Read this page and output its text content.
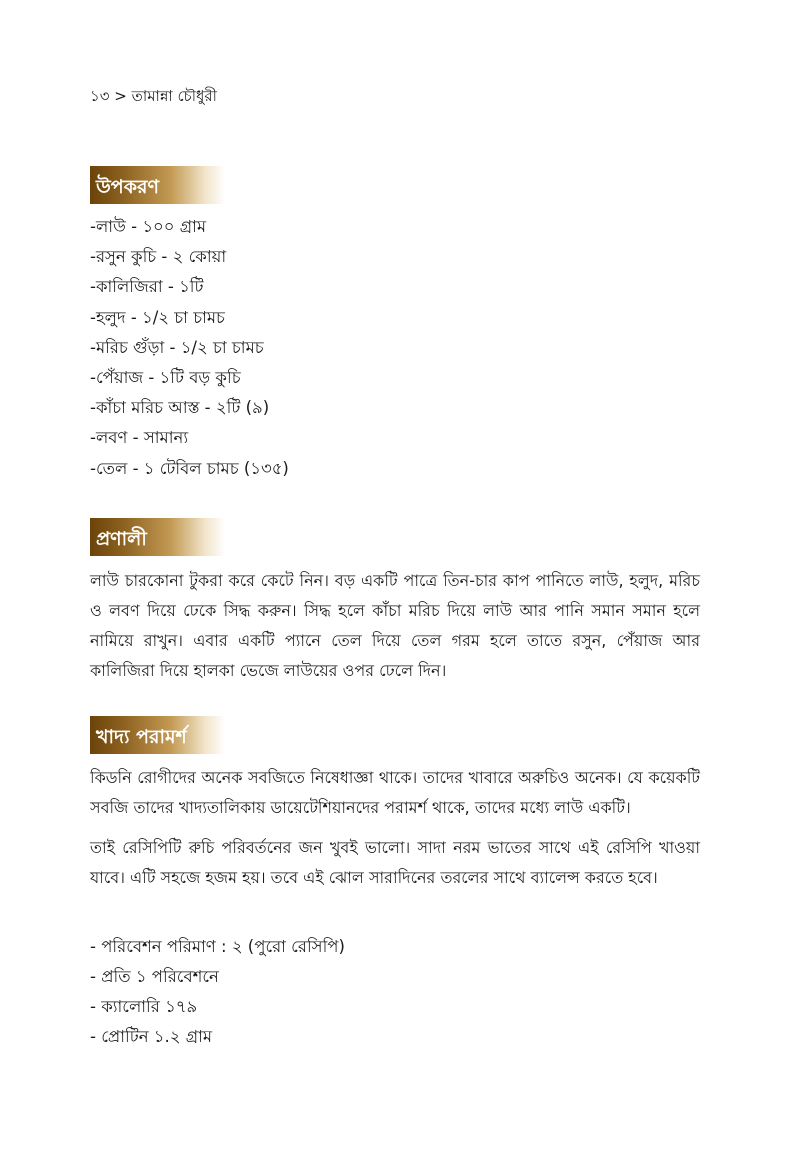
১৩ > তামান্না চৌধুরী
উপকরণ
-লাউ - ১০০ গ্রাম
-রসুন কুচি - ২ কোয়া
-কালিজিরা - ১টি
-হলুদ - ১/২ চা চামচ
-মরিচ গুঁড়া - ১/২ চা চামচ
-পেঁয়াজ - ১টি বড় কুচি
-কাঁচা মরিচ আস্ত - ২টি (৯)
-লবণ - সামান্য
-তেল - ১ টেবিল চামচ (১৩৫)
প্রণালী

লাউ চারকোনা টুকরা করে কেটে নিন। বড় একটি পাত্রে তিন-চার কাপ পানিতে লাউ, হলুদ, মরিচ ও লবণ দিয়ে ঢেকে সিদ্ধ করুন। সিদ্ধ হলে কাঁচা মরিচ দিয়ে লাউ আর পানি সমান সমান হলে নামিয়ে রাখুন। এবার একটি প্যানে তেল দিয়ে তেল গরম হলে তাতে রসুন, পেঁয়াজ আর কালিজিরা দিয়ে হালকা ভেজে লাউয়ের ওপর ঢেলে দিন।

খাদ্য পরামর্শ

কিডনি রোগীদের অনেক সবজিতে নিষেধাজ্ঞা থাকে। তাদের খাবারে অরুচিও অনেক। যে কয়েকটি সবজি তাদের খাদ্যতালিকায় ডায়েটেশিয়ানদের পরামর্শ থাকে, তাদের মধ্যে লাউ একটি।

তাই রেসিপিটি রুচি পরিবর্তনের জন খুবই ভালো। সাদা নরম ভাতের সাথে এই রেসিপি খাওয়া যাবে। এটি সহজে হজম হয়। তবে এই ঝোল সারাদিনের তরলের সাথে ব্যালেন্স করতে হবে।

- পরিবেশন পরিমাণ : ২ (পুরো রেসিপি)
- প্রতি ১ পরিবেশনে
- ক্যালোরি ১৭৯
- প্রোটিন ১.২ গ্রাম
